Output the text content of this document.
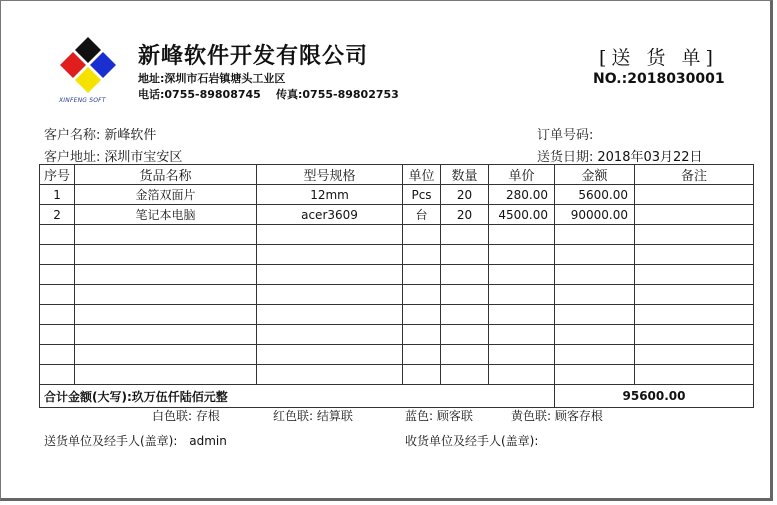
XINFENG SOFT
新峰软件开发有限公司
地址:深圳市石岩镇塘头工业区
电话:0755-89808745 传真:0755-89802753
[送 货 单]
NO.:2018030001
客户名称: 新峰软件	订单号码:
客户地址: 深圳市宝安区	送货日期: 2018年03月22日
序号	货品名称	型号规格	单位	数量	单价	金额	备注
1	金箔双面片	12mm	Pcs	20	280.00	5600.00	
2	笔记本电脑	acer3609	台	20	4500.00	90000.00	

合计金额(大写):玖万伍仟陆佰元整						95600.00	
白色联: 存根	红色联: 结算联	蓝色: 顾客联	黄色联: 顾客存根
送货单位及经手人(盖章): admin	收货单位及经手人(盖章):
